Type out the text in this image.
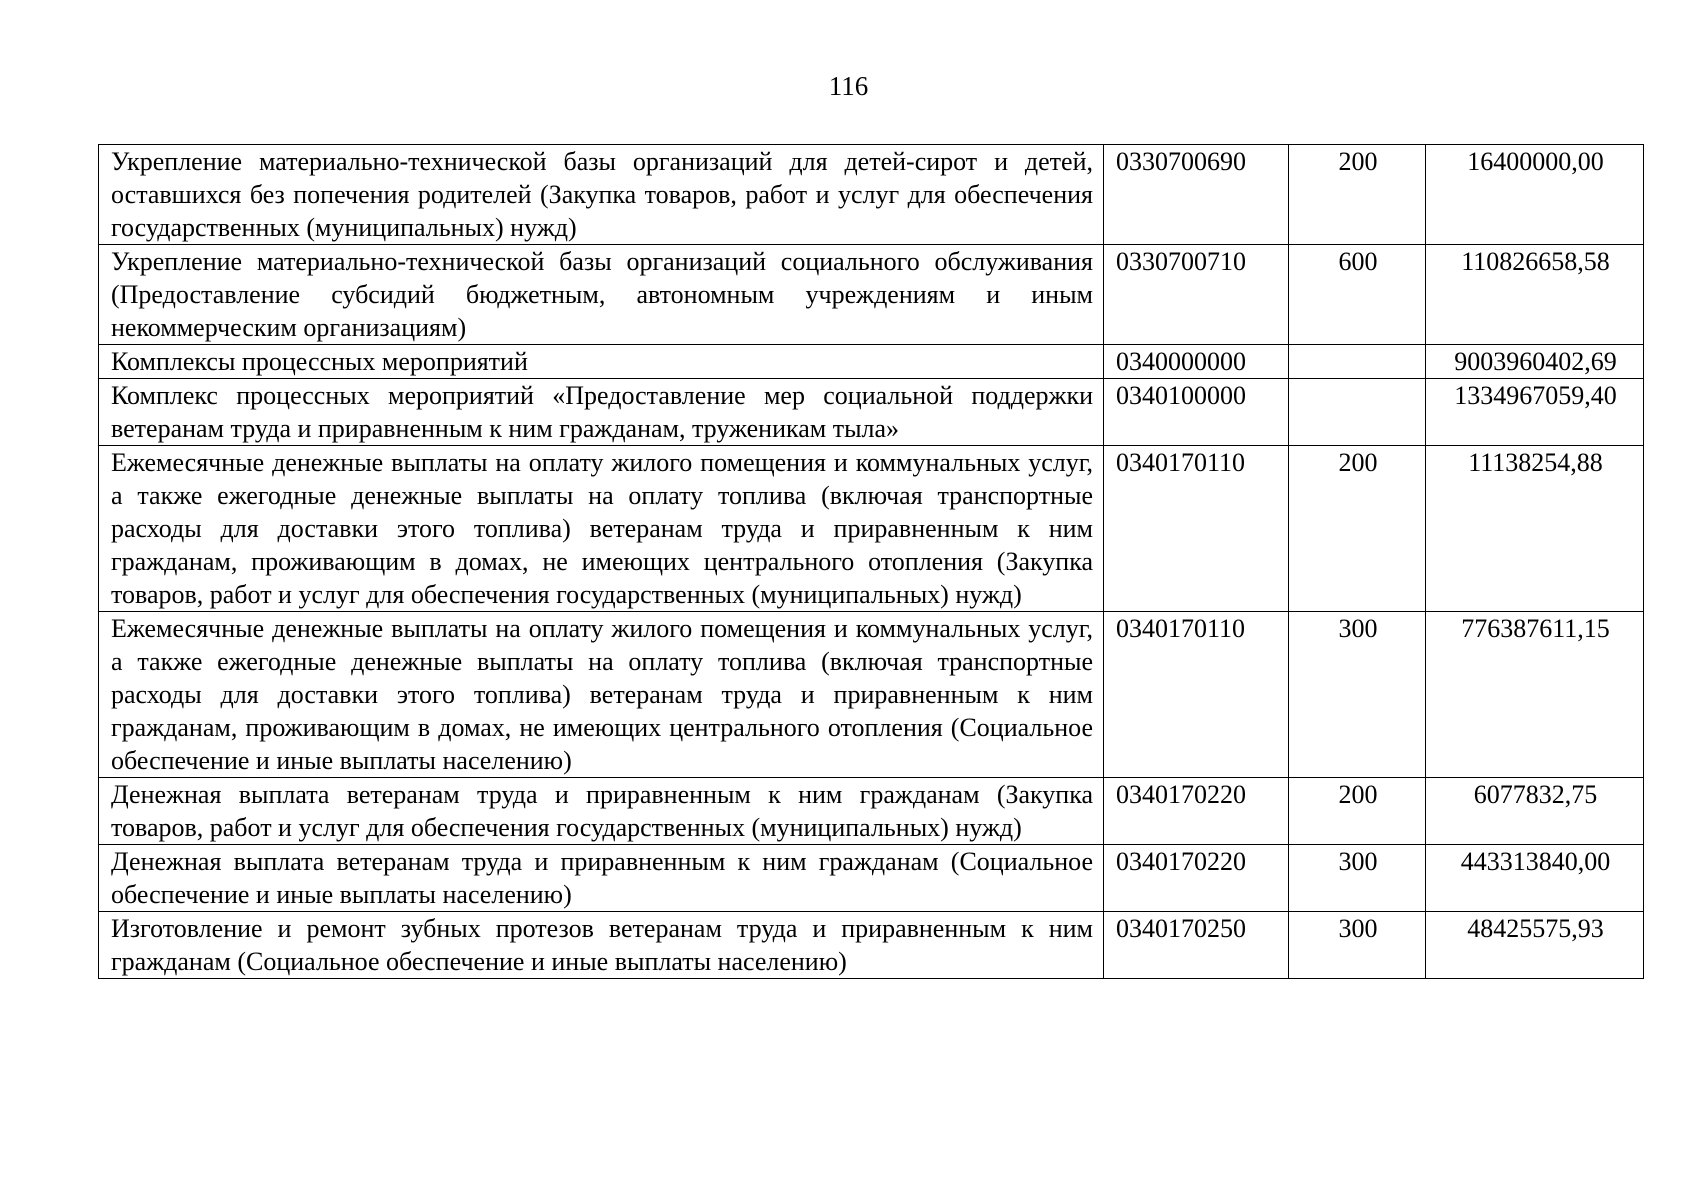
116
Укрепление материально-технической базы организаций для детей-сирот и детей, оставшихся без попечения родителей (Закупка товаров, работ и услуг для обеспечения государственных (муниципальных) нужд)	0330700690	200	16400000,00
Укрепление материально-технической базы организаций социального обслуживания (Предоставление субсидий бюджетным, автономным учреждениям и иным некоммерческим организациям)	0330700710	600	110826658,58
Комплексы процессных мероприятий	0340000000		9003960402,69
Комплекс процессных мероприятий «Предоставление мер социальной поддержки ветеранам труда и приравненным к ним гражданам, труженикам тыла»	0340100000		1334967059,40
Ежемесячные денежные выплаты на оплату жилого помещения и коммунальных услуг, а также ежегодные денежные выплаты на оплату топлива (включая транспортные расходы для доставки этого топлива) ветеранам труда и приравненным к ним гражданам, проживающим в домах, не имеющих центрального отопления (Закупка товаров, работ и услуг для обеспечения государственных (муниципальных) нужд)	0340170110	200	11138254,88
Ежемесячные денежные выплаты на оплату жилого помещения и коммунальных услуг, а также ежегодные денежные выплаты на оплату топлива (включая транспортные расходы для доставки этого топлива) ветеранам труда и приравненным к ним гражданам, проживающим в домах, не имеющих центрального отопления (Социальное обеспечение и иные выплаты населению)	0340170110	300	776387611,15
Денежная выплата ветеранам труда и приравненным к ним гражданам (Закупка товаров, работ и услуг для обеспечения государственных (муниципальных) нужд)	0340170220	200	6077832,75
Денежная выплата ветеранам труда и приравненным к ним гражданам (Социальное обеспечение и иные выплаты населению)	0340170220	300	443313840,00
Изготовление и ремонт зубных протезов ветеранам труда и приравненным к ним гражданам (Социальное обеспечение и иные выплаты населению)	0340170250	300	48425575,93
